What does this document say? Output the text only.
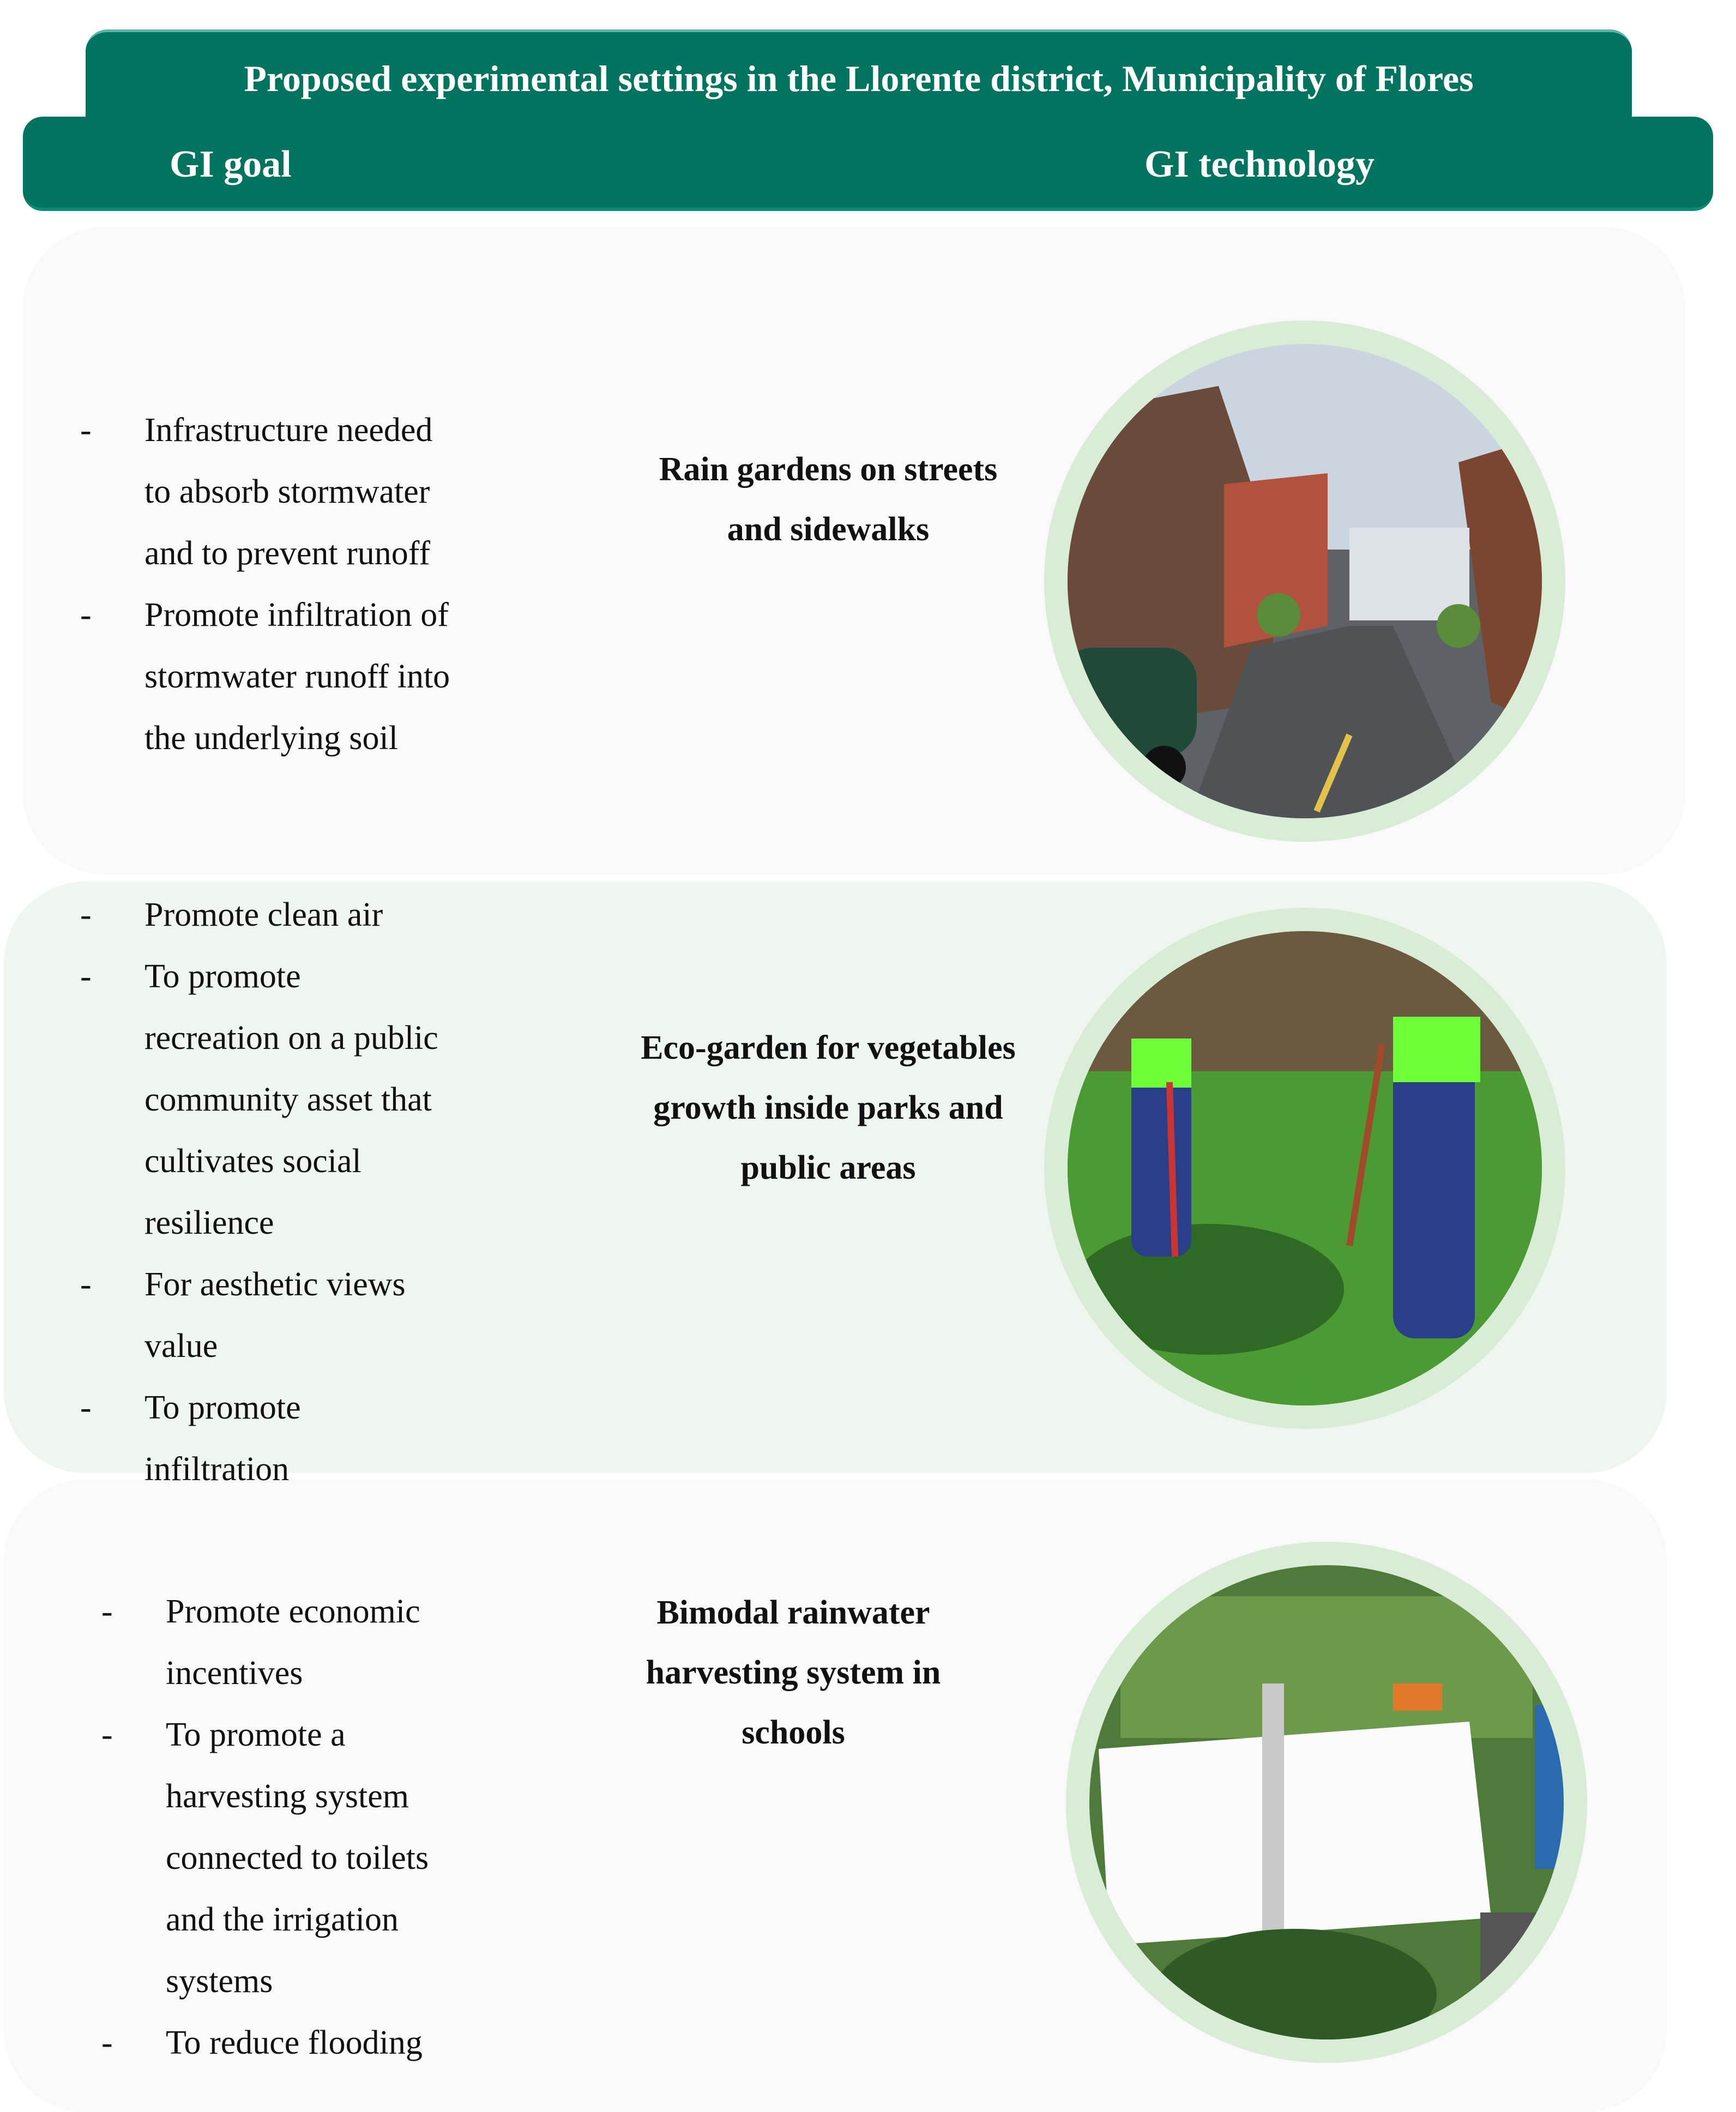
Proposed experimental settings in the Llorente district, Municipality of Flores
GI goal	GI technology
- Infrastructure needed
to absorb stormwater
and to prevent runoff
- Promote infiltration of
stormwater runoff into
the underlying soil
- Promote clean air
- To promote
recreation on a public
community asset that
cultivates social
resilience
- For aesthetic views
value
- To promote
infiltration
- Promote economic
incentives
- To promote a
harvesting system
connected to toilets
and the irrigation
systems
- To reduce flooding
Rain gardens on streets and sidewalks
Eco-garden for vegetables growth inside parks and public areas
Bimodal rainwater harvesting system in schools
